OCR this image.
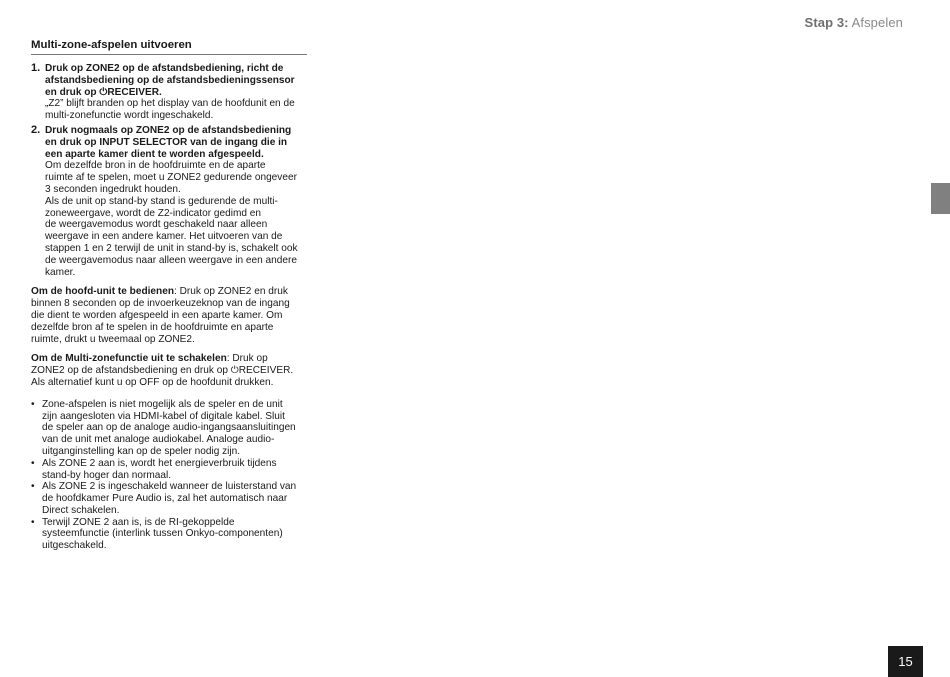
Stap 3: Afspelen
Multi-zone-afspelen uitvoeren
1. Druk op ZONE2 op de afstandsbediening, richt de
afstandsbediening op de afstandsbedieningssensor
en druk op ⏻RECEIVER.
„Z2” blijft branden op het display van de hoofdunit en de
multi-zonefunctie wordt ingeschakeld.
2. Druk nogmaals op ZONE2 op de afstandsbediening
en druk op INPUT SELECTOR van de ingang die in
een aparte kamer dient te worden afgespeeld.
Om dezelfde bron in de hoofdruimte en de aparte
ruimte af te spelen, moet u ZONE2 gedurende ongeveer
3 seconden ingedrukt houden.
Als de unit op stand-by stand is gedurende de multi-
zoneweergave, wordt de Z2-indicator gedimd en
de weergavemodus wordt geschakeld naar alleen
weergave in een andere kamer. Het uitvoeren van de
stappen 1 en 2 terwijl de unit in stand-by is, schakelt ook
de weergavemodus naar alleen weergave in een andere
kamer.
Om de hoofd-unit te bedienen: Druk op ZONE2 en druk
binnen 8 seconden op de invoerkeuzeknop van de ingang
die dient te worden afgespeeld in een aparte kamer. Om
dezelfde bron af te spelen in de hoofdruimte en aparte
ruimte, drukt u tweemaal op ZONE2.
Om de Multi-zonefunctie uit te schakelen: Druk op
ZONE2 op de afstandsbediening en druk op ⏻RECEIVER.
Als alternatief kunt u op OFF op de hoofdunit drukken.
• Zone-afspelen is niet mogelijk als de speler en de unit
zijn aangesloten via HDMI-kabel of digitale kabel. Sluit
de speler aan op de analoge audio-ingangsaansluitingen
van de unit met analoge audiokabel. Analoge audio-
uitganginstelling kan op de speler nodig zijn.
• Als ZONE 2 aan is, wordt het energieverbruik tijdens
stand-by hoger dan normaal.
• Als ZONE 2 is ingeschakeld wanneer de luisterstand van
de hoofdkamer Pure Audio is, zal het automatisch naar
Direct schakelen.
• Terwijl ZONE 2 aan is, is de RI-gekoppelde
systeemfunctie (interlink tussen Onkyo-componenten)
uitgeschakeld.
15
